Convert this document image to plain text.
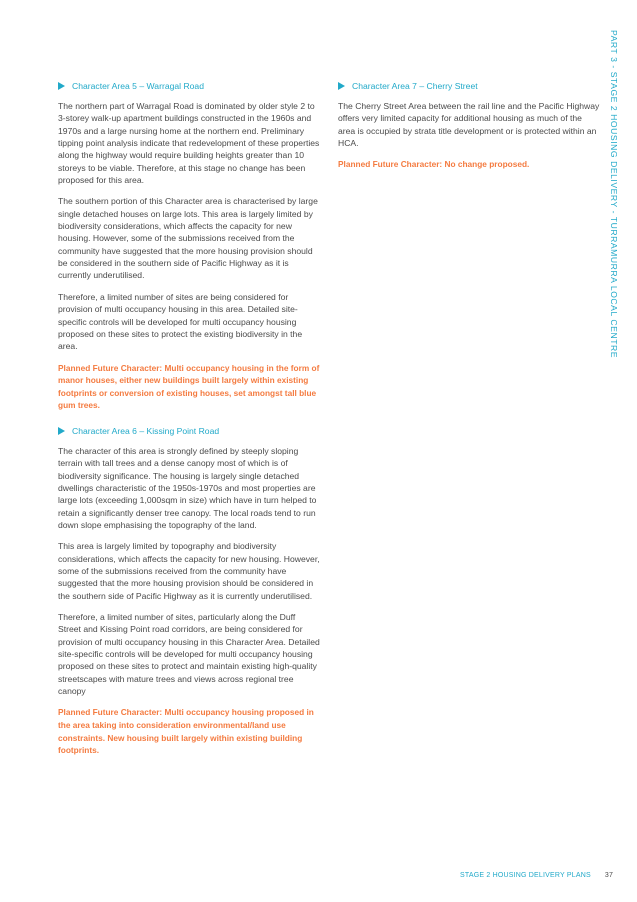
PART 3 - STAGE 2 HOUSING DELIVERY - TURRAMURRA LOCAL CENTRE
Character Area 5 – Warragal Road

The northern part of Warragal Road is dominated by older style 2 to 3-storey walk-up apartment buildings constructed in the 1960s and 1970s and a large nursing home at the northern end. Preliminary tipping point analysis indicate that redevelopment of these properties along the highway would require building heights greater than 10 storeys to be viable. Therefore, at this stage no change has been proposed for this area.

The southern portion of this Character area is characterised by large single detached houses on large lots. This area is largely limited by biodiversity considerations, which affects the capacity for new housing. However, some of the submissions received from the community have suggested that the more housing provision should be considered in the southern side of Pacific Highway as it is currently underutilised.

Therefore, a limited number of sites are being considered for provision of multi occupancy housing in this area. Detailed site-specific controls will be developed for multi occupancy housing proposed on these sites to protect the existing biodiversity in the area.

Planned Future Character: Multi occupancy housing in the form of manor houses, either new buildings built largely within existing footprints or conversion of existing houses, set amongst tall blue gum trees.

Character Area 6 – Kissing Point Road

The character of this area is strongly defined by steeply sloping terrain with tall trees and a dense canopy most of which is of biodiversity significance. The housing is largely single detached dwellings characteristic of the 1950s-1970s and most properties are large lots (exceeding 1,000sqm in size) which have in turn helped to retain a significantly denser tree canopy. The local roads tend to run down slope emphasising the topography of the land.

This area is largely limited by topography and biodiversity considerations, which affects the capacity for new housing. However, some of the submissions received from the community have suggested that the more housing provision should be considered in the southern side of Pacific Highway as it is currently underutilised.

Therefore, a limited number of sites, particularly along the Duff Street and Kissing Point road corridors, are being considered for provision of multi occupancy housing in this Character Area. Detailed site-specific controls will be developed for multi occupancy housing proposed on these sites to protect and maintain existing high-quality streetscapes with mature trees and views across regional tree canopy

Planned Future Character: Multi occupancy housing proposed in the area taking into consideration environmental/land use constraints. New housing built largely within existing building footprints.

Character Area 7 – Cherry Street

The Cherry Street Area between the rail line and the Pacific Highway offers very limited capacity for additional housing as much of the area is occupied by strata title development or is protected within an HCA.

Planned Future Character: No change proposed.

STAGE 2 HOUSING DELIVERY PLANS 37
